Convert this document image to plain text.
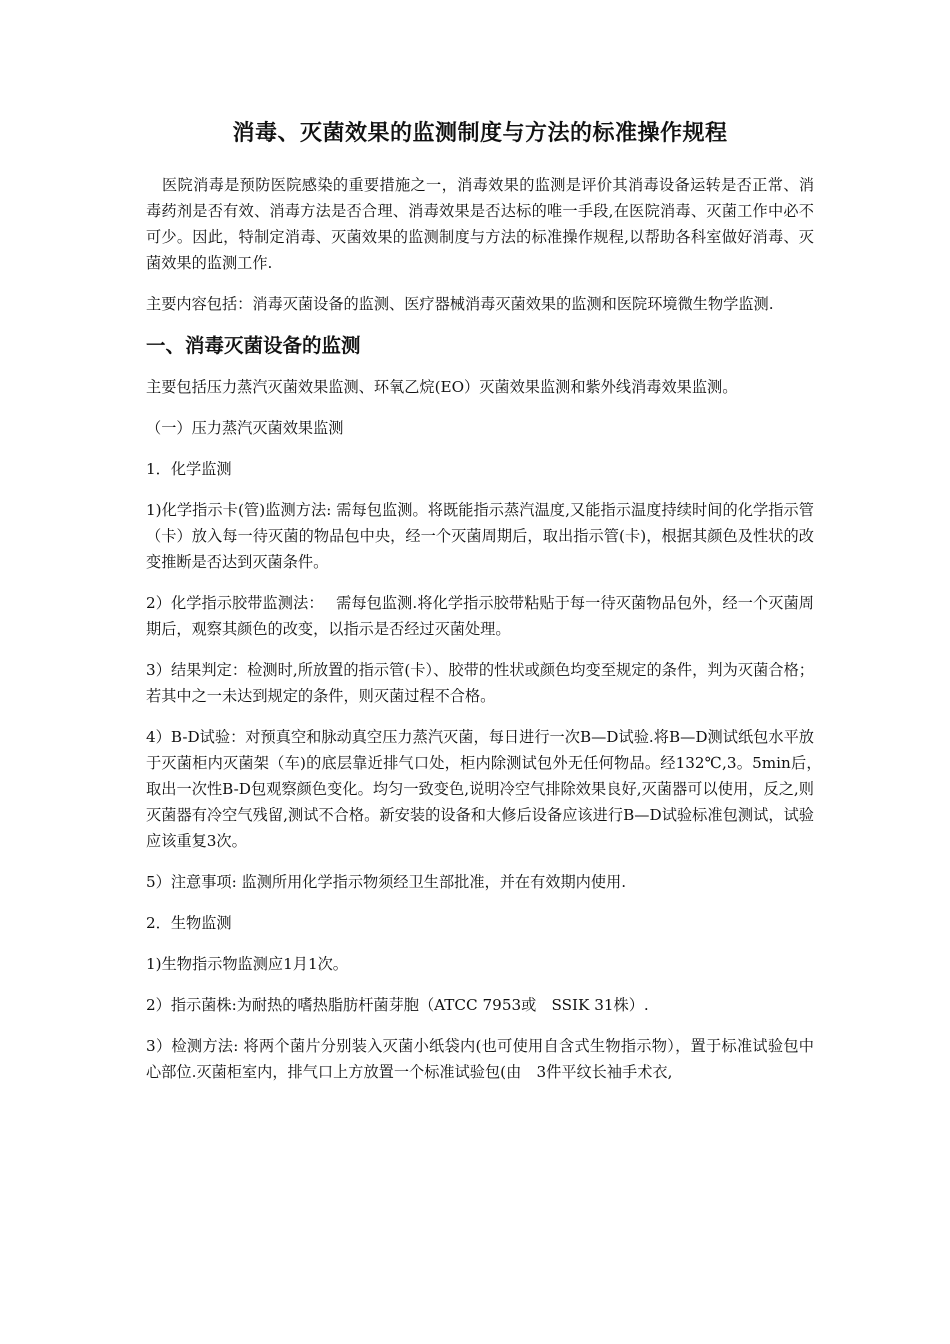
消毒、灭菌效果的监测制度与方法的标准操作规程

医院消毒是预防医院感染的重要措施之一，消毒效果的监测是评价其消毒设备运转是否正常、消毒药剂是否有效、消毒方法是否合理、消毒效果是否达标的唯一手段,在医院消毒、灭菌工作中必不可少。因此，特制定消毒、灭菌效果的监测制度与方法的标准操作规程,以帮助各科室做好消毒、灭菌效果的监测工作.

主要内容包括：消毒灭菌设备的监测、医疗器械消毒灭菌效果的监测和医院环境微生物学监测.

一、消毒灭菌设备的监测

主要包括压力蒸汽灭菌效果监测、环氧乙烷(EO）灭菌效果监测和紫外线消毒效果监测。

（一）压力蒸汽灭菌效果监测

1．化学监测

1)化学指示卡(管)监测方法: 需每包监测。将既能指示蒸汽温度,又能指示温度持续时间的化学指示管（卡）放入每一待灭菌的物品包中央，经一个灭菌周期后，取出指示管(卡)，根据其颜色及性状的改变推断是否达到灭菌条件。

2）化学指示胶带监测法：　 需每包监测.将化学指示胶带粘贴于每一待灭菌物品包外，经一个灭菌周期后，观察其颜色的改变，以指示是否经过灭菌处理。

3）结果判定：检测时,所放置的指示管(卡）、胶带的性状或颜色均变至规定的条件，判为灭菌合格；若其中之一未达到规定的条件，则灭菌过程不合格。

4）B-D试验：对预真空和脉动真空压力蒸汽灭菌，每日进行一次B—D试验.将B—D测试纸包水平放于灭菌柜内灭菌架（车)的底层靠近排气口处，柜内除测试包外无任何物品。经132℃,3。5min后，　 取出一次性B-D包观察颜色变化。均匀一致变色,说明冷空气排除效果良好,灭菌器可以使用，反之,则灭菌器有冷空气残留,测试不合格。新安装的设备和大修后设备应该进行B—D试验标准包测试，试验应该重复3次。

5）注意事项: 监测所用化学指示物须经卫生部批准，并在有效期内使用.

2．生物监测

1)生物指示物监测应1月1次。

2）指示菌株:为耐热的嗜热脂肪杆菌芽胞（ATCC 7953或　SSIK 31株）.

3）检测方法: 将两个菌片分别装入灭菌小纸袋内(也可使用自含式生物指示物），置于标准试验包中心部位.灭菌柜室内，排气口上方放置一个标准试验包(由　3件平纹长袖手术衣,
